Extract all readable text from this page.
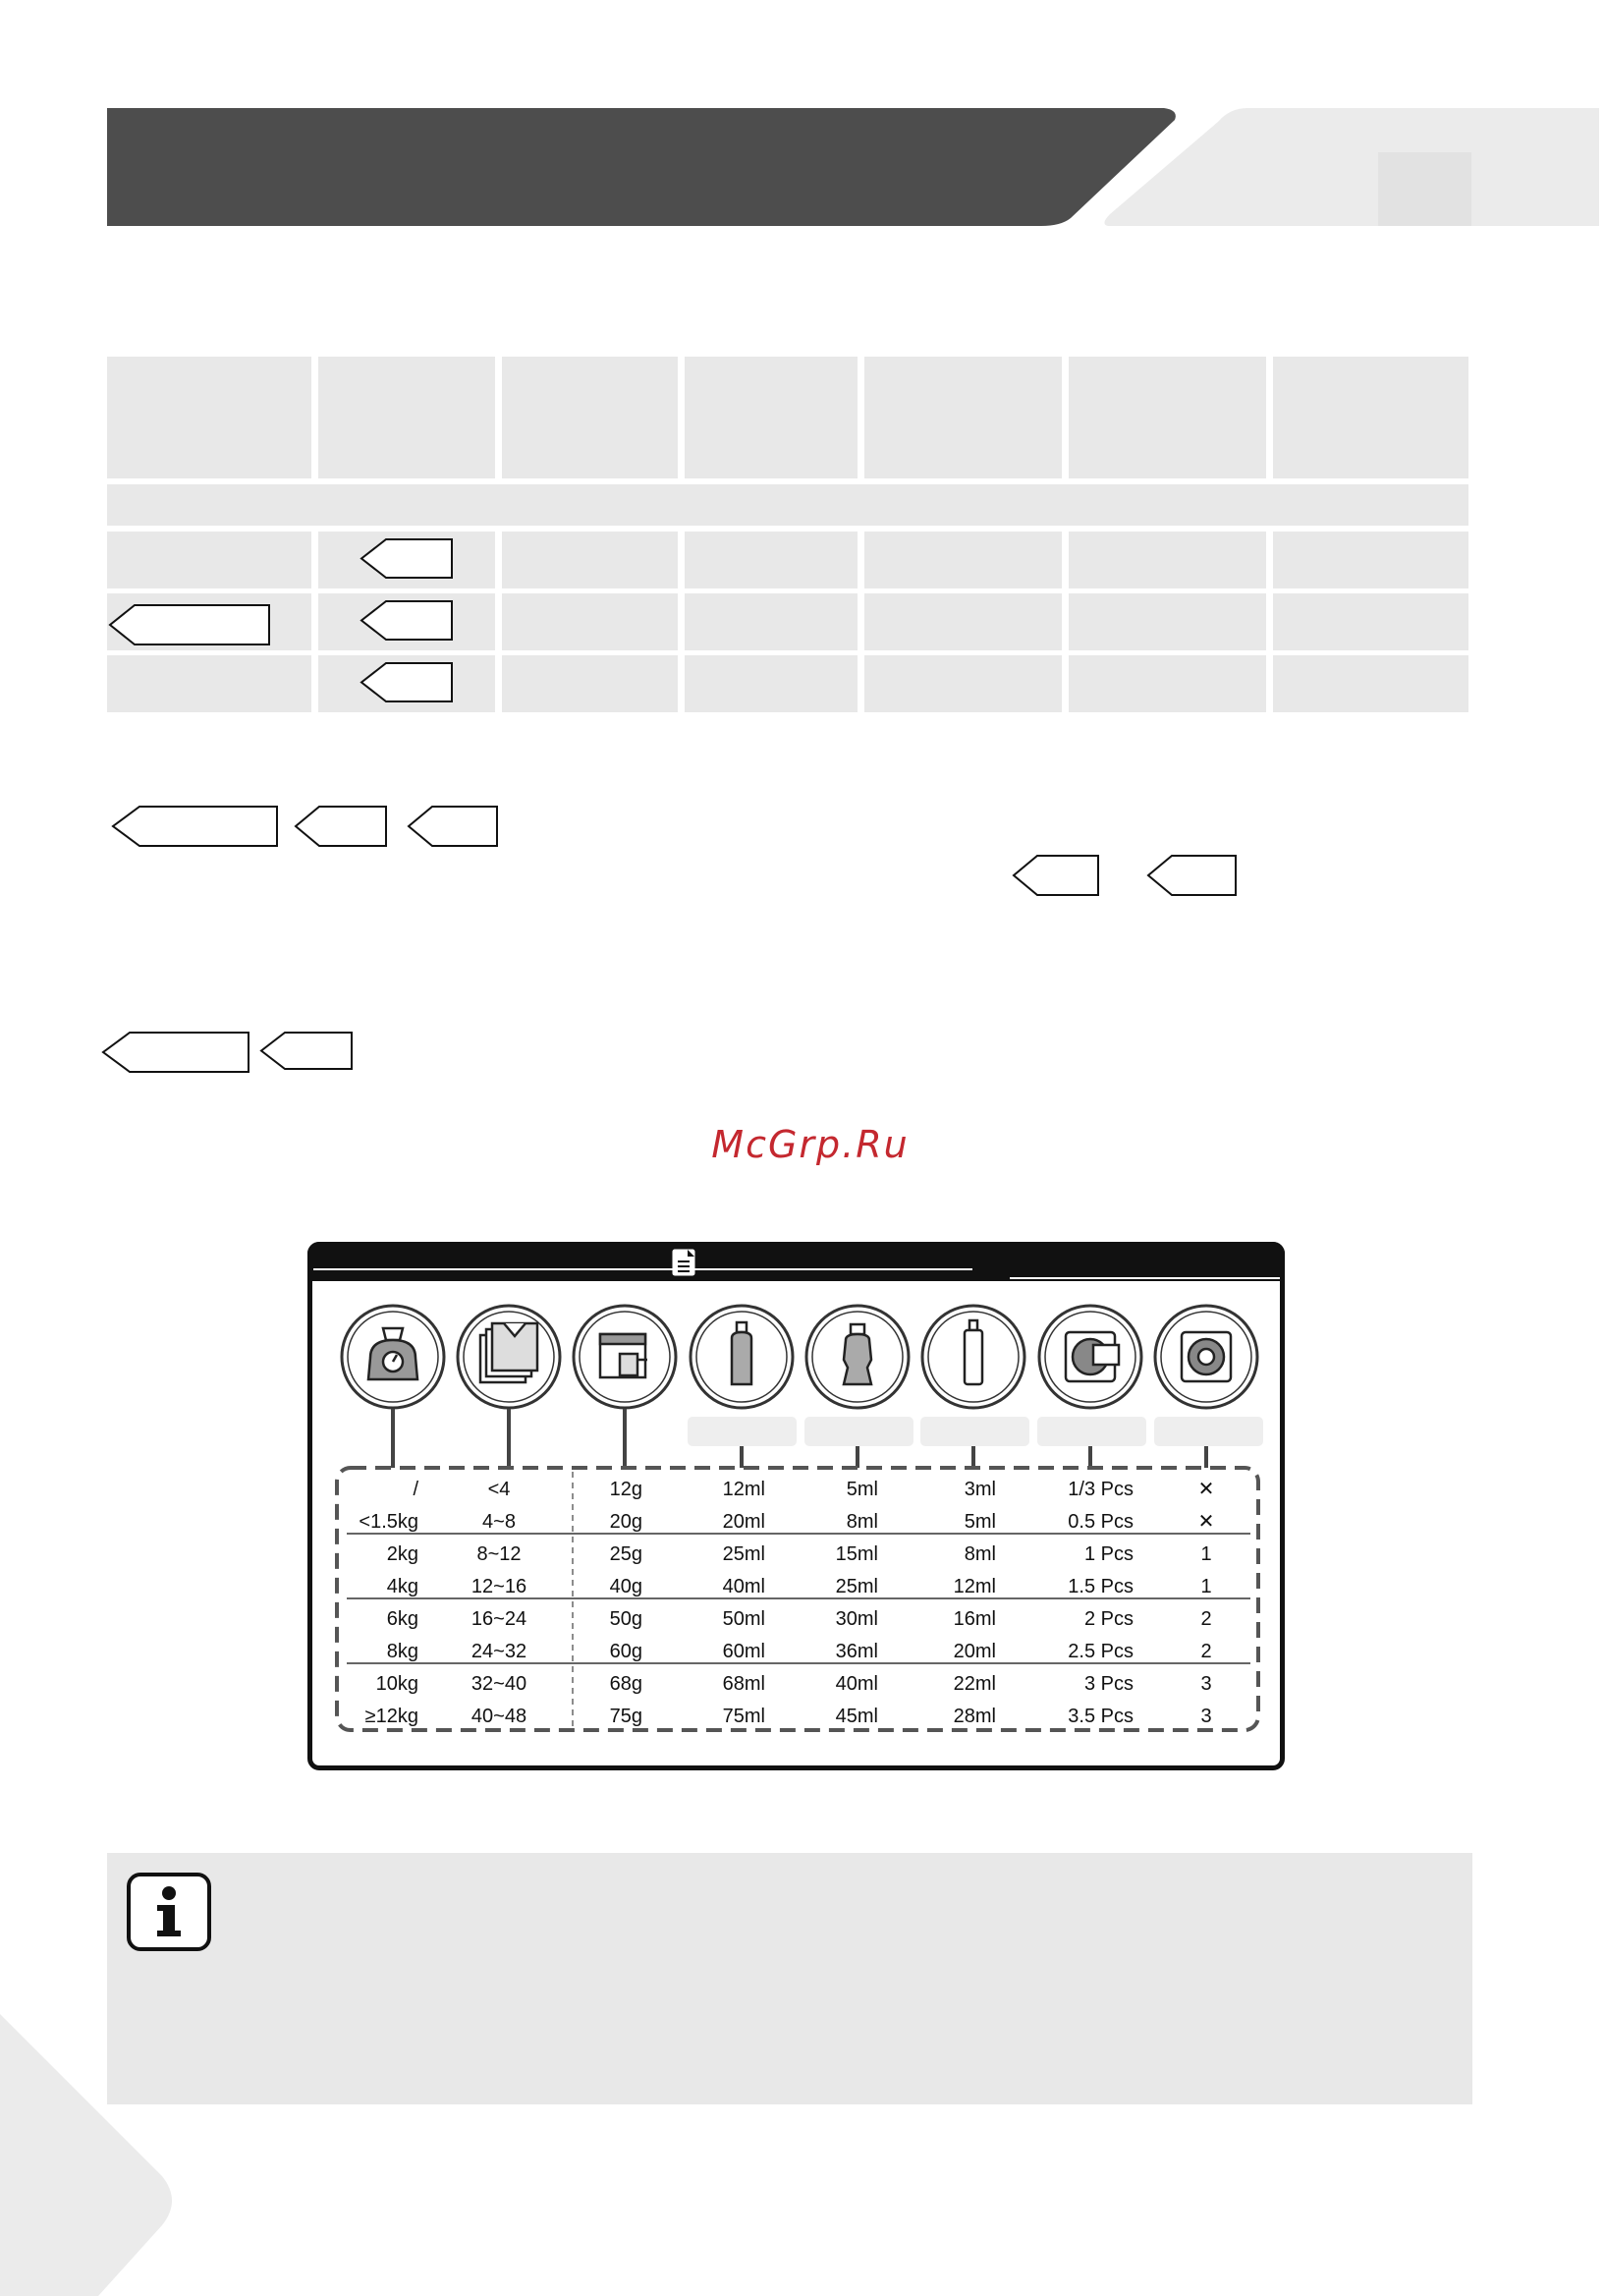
McGrp.Ru
/
<1.5kg
2kg
4kg
6kg
8kg
10kg
≥12kg
<4
4~8
8~12
12~16
16~24
24~32
32~40
40~48
12g
20g
25g
40g
50g
60g
68g
75g
12ml
20ml
25ml
40ml
50ml
60ml
68ml
75ml
5ml
8ml
15ml
25ml
30ml
36ml
40ml
45ml
3ml
5ml
8ml
12ml
16ml
20ml
22ml
28ml
1/3 Pcs
0.5 Pcs
1 Pcs
1.5 Pcs
2 Pcs
2.5 Pcs
3 Pcs
3.5 Pcs
✕
✕
1
1
2
2
3
3
